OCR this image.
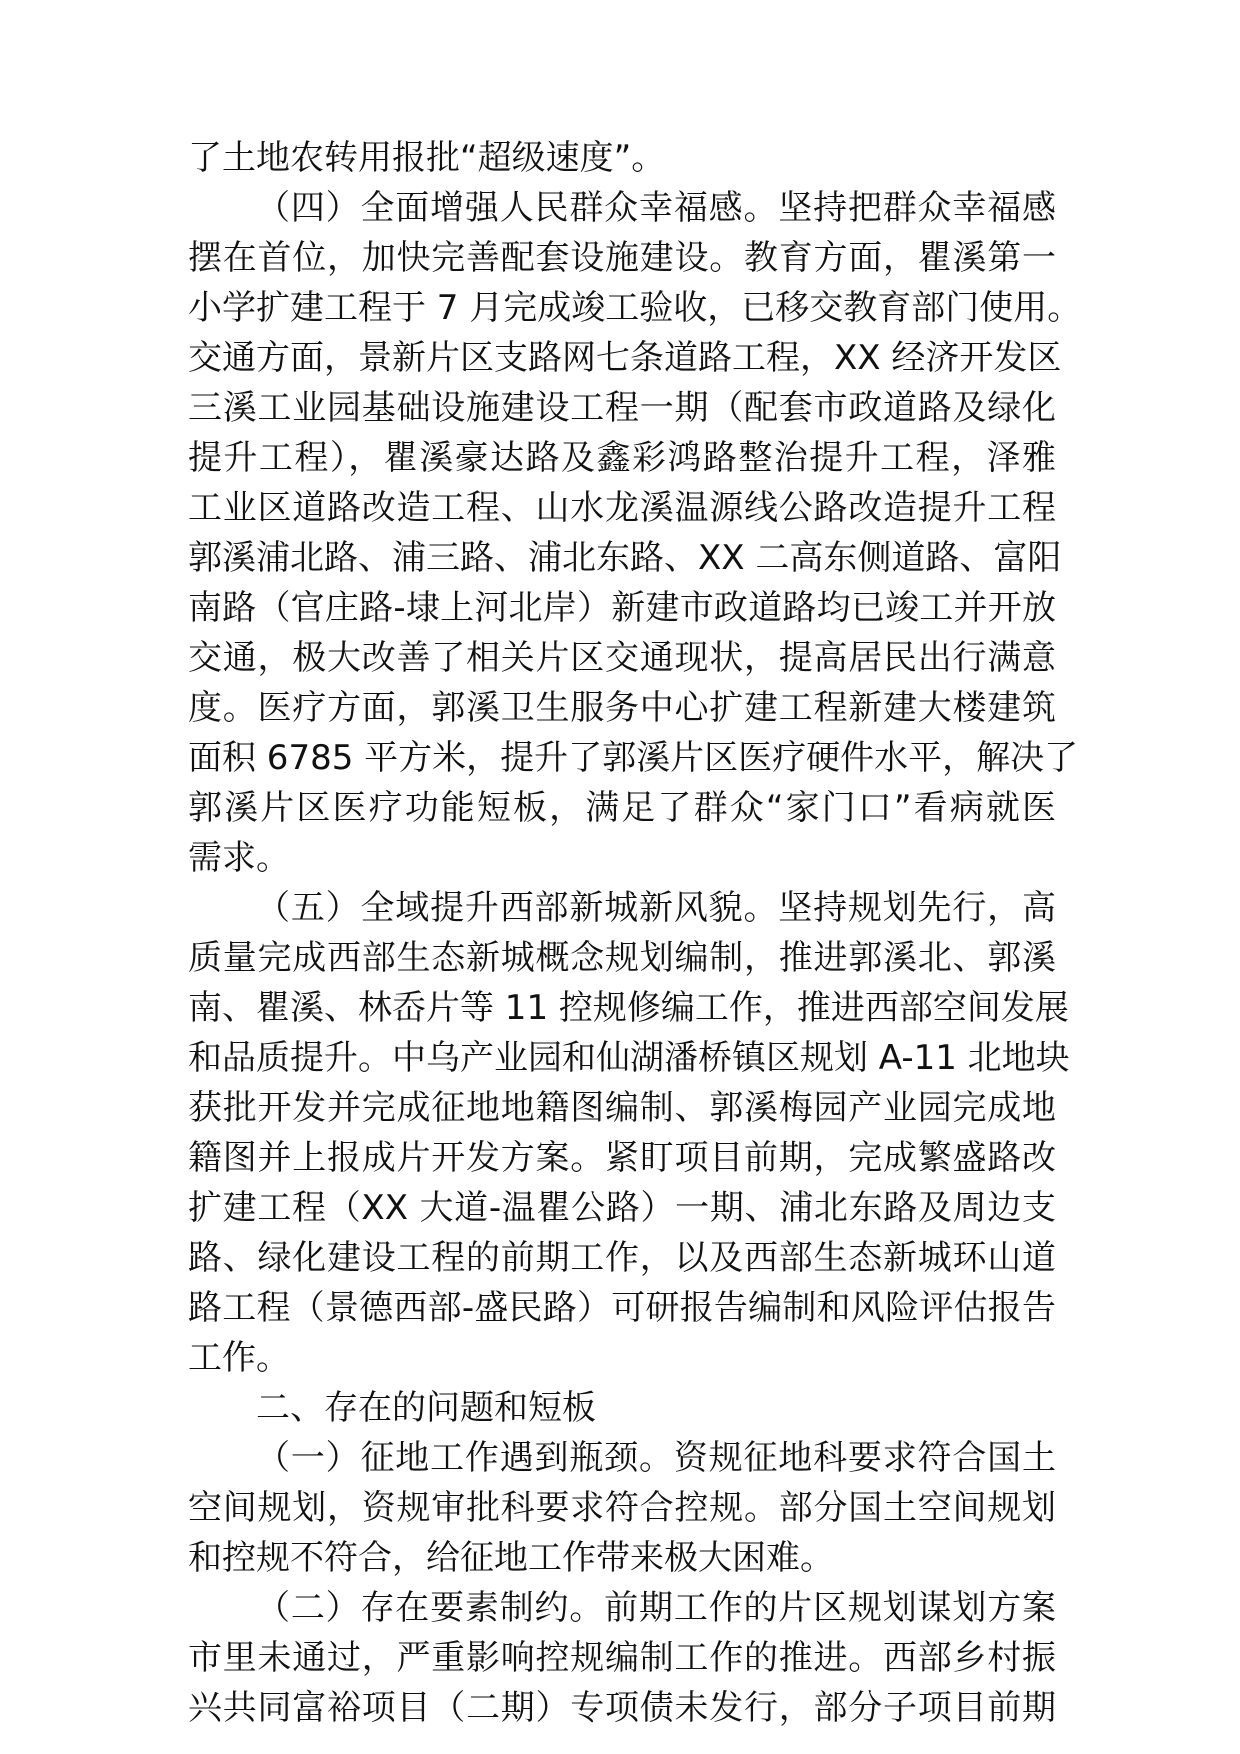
了土地农转用报批“超级速度”。
（四）全面增强人民群众幸福感。坚持把群众幸福感
摆在首位，加快完善配套设施建设。教育方面，瞿溪第一
小学扩建工程于 7 月完成竣工验收，已移交教育部门使用。
交通方面，景新片区支路网七条道路工程，XX 经济开发区
三溪工业园基础设施建设工程一期（配套市政道路及绿化
提升工程），瞿溪豪达路及鑫彩鸿路整治提升工程，泽雅
工业区道路改造工程、山水龙溪温源线公路改造提升工程
郭溪浦北路、浦三路、浦北东路、XX 二高东侧道路、富阳
南路（官庄路-埭上河北岸）新建市政道路均已竣工并开放
交通，极大改善了相关片区交通现状，提高居民出行满意
度。医疗方面，郭溪卫生服务中心扩建工程新建大楼建筑
面积 6785 平方米，提升了郭溪片区医疗硬件水平，解决了
郭溪片区医疗功能短板，满足了群众“家门口”看病就医
需求。
（五）全域提升西部新城新风貌。坚持规划先行，高
质量完成西部生态新城概念规划编制，推进郭溪北、郭溪
南、瞿溪、林岙片等 11 控规修编工作，推进西部空间发展
和品质提升。中乌产业园和仙湖潘桥镇区规划 A-11 北地块
获批开发并完成征地地籍图编制、郭溪梅园产业园完成地
籍图并上报成片开发方案。紧盯项目前期，完成繁盛路改
扩建工程（XX 大道-温瞿公路）一期、浦北东路及周边支
路、绿化建设工程的前期工作，以及西部生态新城环山道
路工程（景德西部-盛民路）可研报告编制和风险评估报告
工作。
二、存在的问题和短板
（一）征地工作遇到瓶颈。资规征地科要求符合国土
空间规划，资规审批科要求符合控规。部分国土空间规划
和控规不符合，给征地工作带来极大困难。
（二）存在要素制约。前期工作的片区规划谋划方案
市里未通过，严重影响控规编制工作的推进。西部乡村振
兴共同富裕项目（二期）专项债未发行，部分子项目前期
